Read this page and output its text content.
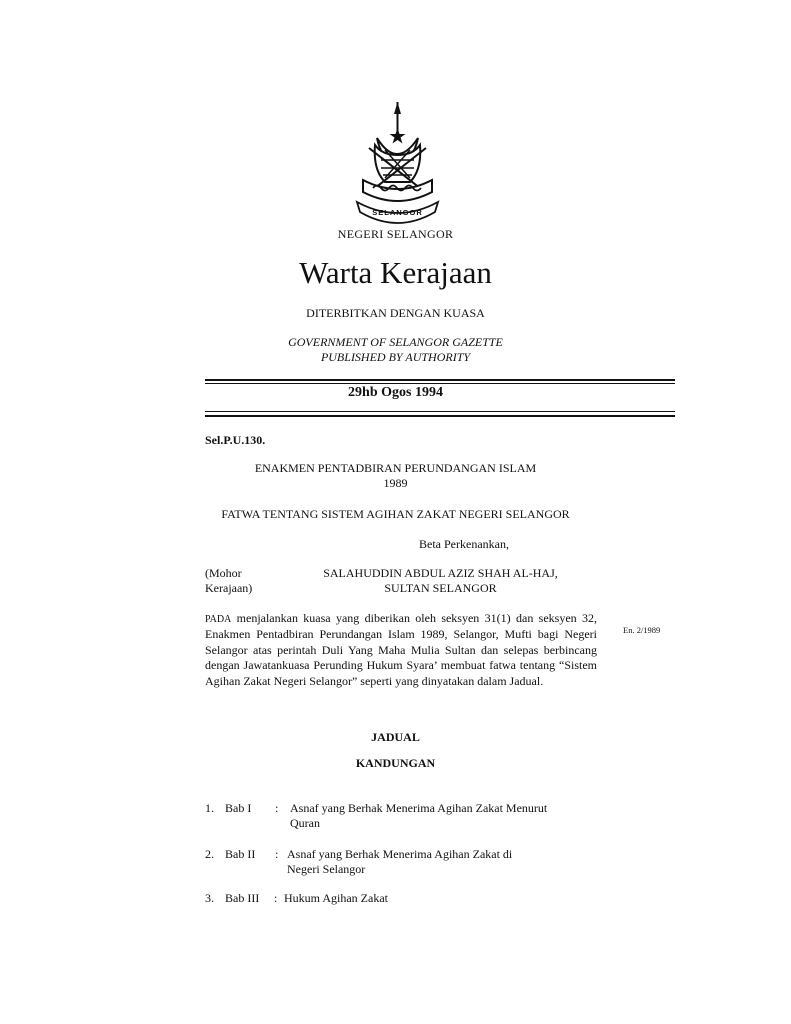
SELANGOR
NEGERI SELANGOR
Warta Kerajaan
DITERBITKAN DENGAN KUASA
GOVERNMENT OF SELANGOR GAZETTE
PUBLISHED BY AUTHORITY
29hb Ogos 1994
Sel.P.U.130.
ENAKMEN PENTADBIRAN PERUNDANGAN ISLAM
1989
FATWA TENTANG SISTEM AGIHAN ZAKAT NEGERI SELANGOR
Beta Perkenankan,
(Mohor
Kerajaan)
SALAHUDDIN ABDUL AZIZ SHAH AL-HAJ,
SULTAN SELANGOR
PADA menjalankan kuasa yang diberikan oleh seksyen 31(1) dan seksyen 32, Enakmen Pentadbiran Perundangan Islam 1989, Selangor, Mufti bagi Negeri Selangor atas perintah Duli Yang Maha Mulia Sultan dan selepas berbincang dengan Jawatankuasa Perunding Hukum Syara’ membuat fatwa tentang “Sistem Agihan Zakat Negeri Selangor” seperti yang dinyatakan dalam Jadual.
En. 2/1989
JADUAL
KANDUNGAN
1. Bab I : Asnaf yang Berhak Menerima Agihan Zakat Menurut Quran
2. Bab II : Asnaf yang Berhak Menerima Agihan Zakat di Negeri Selangor
3. Bab III : Hukum Agihan Zakat
